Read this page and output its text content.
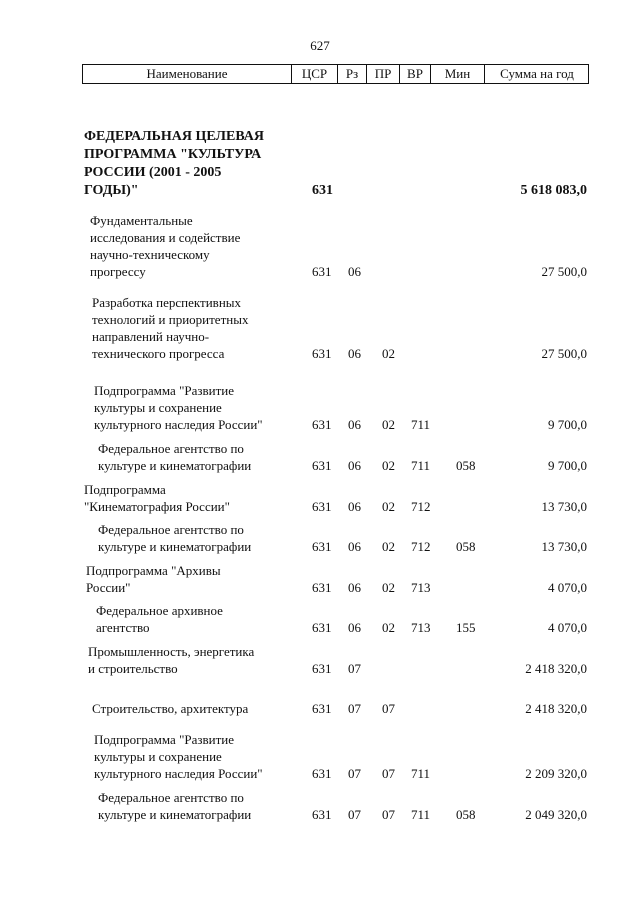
627
Наименование	ЦСР	Рз	ПР	ВР	Мин	Сумма на год
ФЕДЕРАЛЬНАЯ ЦЕЛЕВАЯ
ПРОГРАММА "КУЛЬТУРА
РОССИИ (2001 - 2005
ГОДЫ)"	631	5 618 083,0
Фундаментальные
исследования и содействие
научно-техническому
прогрессу	631 06	27 500,0
Разработка перспективных
технологий и приоритетных
направлений научно-
технического прогресса	631 06 02	27 500,0
Подпрограмма "Развитие
культуры и сохранение
культурного наследия России"	631 06 02 711	9 700,0
Федеральное агентство по
культуре и кинематографии	631 06 02 711 058	9 700,0
Подпрограмма
"Кинематография России"	631 06 02 712	13 730,0
Федеральное агентство по
культуре и кинематографии	631 06 02 712 058	13 730,0
Подпрограмма "Архивы
России"	631 06 02 713	4 070,0
Федеральное архивное
агентство	631 06 02 713 155	4 070,0
Промышленность, энергетика
и строительство	631 07	2 418 320,0
Строительство, архитектура	631 07 07	2 418 320,0
Подпрограмма "Развитие
культуры и сохранение
культурного наследия России"	631 07 07 711	2 209 320,0
Федеральное агентство по
культуре и кинематографии	631 07 07 711 058	2 049 320,0
